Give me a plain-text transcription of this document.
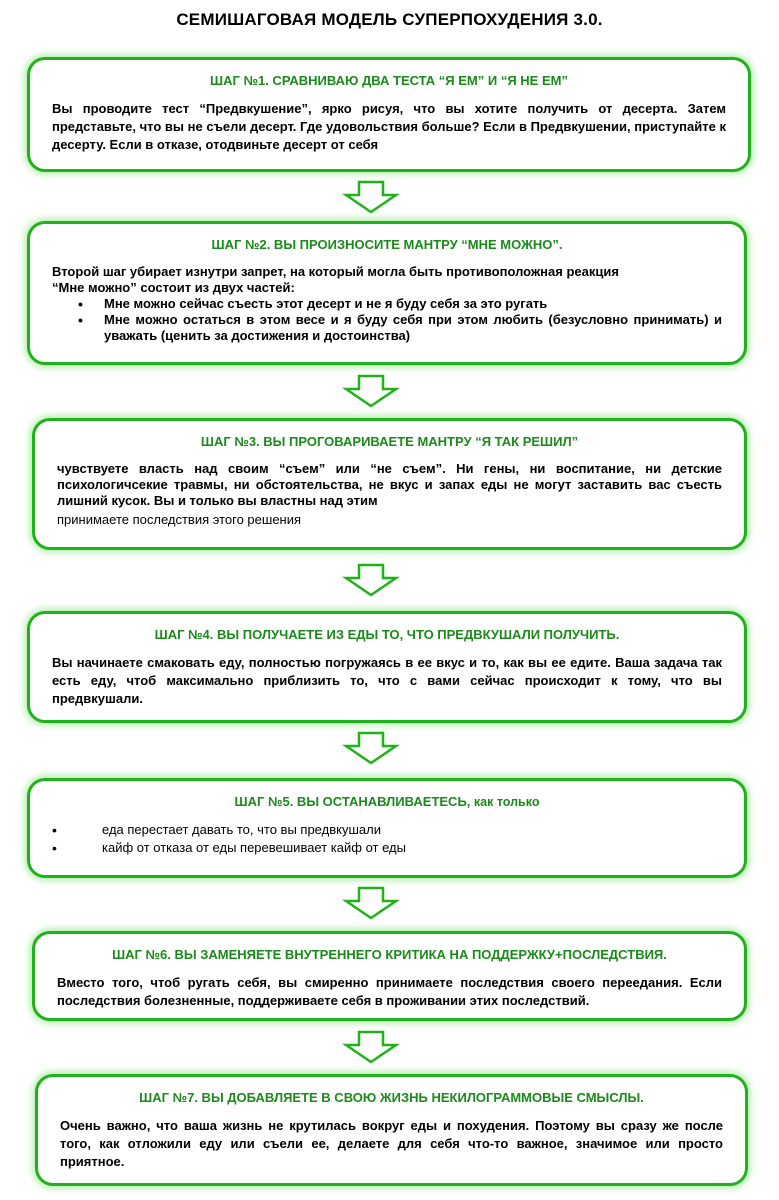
СЕМИШАГОВАЯ МОДЕЛЬ СУПЕРПОХУДЕНИЯ 3.0.
ШАГ №1. СРАВНИВАЮ ДВА ТЕСТА “Я ЕМ” И “Я НЕ ЕМ”

Вы проводите тест “Предвкушение”, ярко рисуя, что вы хотите получить от десерта. Затем представьте, что вы не съели десерт. Где удовольствия больше? Если в Предвкушении, приступайте к десерту. Если в отказе, отодвиньте десерт от себя

ШАГ №2. ВЫ ПРОИЗНОСИТЕ МАНТРУ “МНЕ МОЖНО”.

Второй шаг убирает изнутри запрет, на который могла быть противоположная реакция

“Мне можно” состоит из двух частей:

• Мне можно сейчас съесть этот десерт и не я буду себя за это ругать
• Мне можно остаться в этом весе и я буду себя при этом любить (безусловно принимать) и уважать (ценить за достижения и достоинства)
ШАГ №3. ВЫ ПРОГОВАРИВАЕТЕ МАНТРУ “Я ТАК РЕШИЛ”

чувствуете власть над своим “съем” или “не съем”. Ни гены, ни воспитание, ни детские психологичсекие травмы, ни обстоятельства, не вкус и запах еды не могут заставить вас съесть лишний кусок. Вы и только вы властны над этим

принимаете последствия этого решения

ШАГ №4. ВЫ ПОЛУЧАЕТЕ ИЗ ЕДЫ ТО, ЧТО ПРЕДВКУШАЛИ ПОЛУЧИТЬ.

Вы начинаете смаковать еду, полностью погружаясь в ее вкус и то, как вы ее едите. Ваша задача так есть еду, чтоб максимально приблизить то, что с вами сейчас происходит к тому, что вы предвкушали.

ШАГ №5. ВЫ ОСТАНАВЛИВАЕТЕСЬ, как только
• еда перестает давать то, что вы предвкушали
• кайф от отказа от еды перевешивает кайф от еды
ШАГ №6. ВЫ ЗАМЕНЯЕТЕ ВНУТРЕННЕГО КРИТИКА НА ПОДДЕРЖКУ+ПОСЛЕДСТВИЯ.

Вместо того, чтоб ругать себя, вы смиренно принимаете последствия своего переедания. Если последствия болезненные, поддерживаете себя в проживании этих последствий.

ШАГ №7. ВЫ ДОБАВЛЯЕТЕ В СВОЮ ЖИЗНЬ НЕКИЛОГРАММОВЫЕ СМЫСЛЫ.

Очень важно, что ваша жизнь не крутилась вокруг еды и похудения. Поэтому вы сразу же после того, как отложили еду или съели ее, делаете для себя что-то важное, значимое или просто приятное.
